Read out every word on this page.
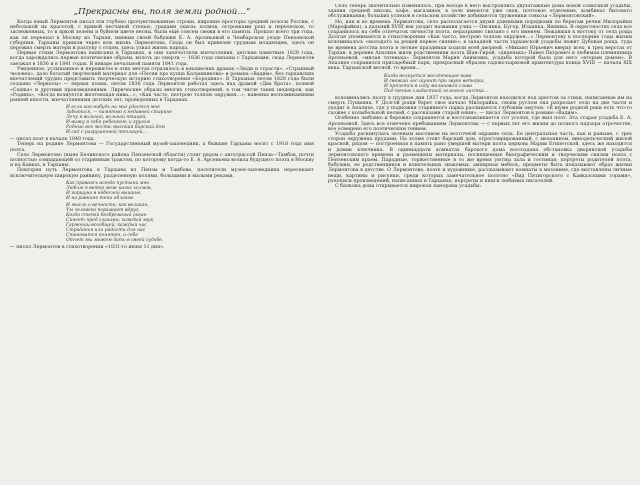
„Прекрасны вы, поля земли родной…“

Когда юный Лермонтов писал эти глубоко прочувствованные строки, широкие просторы средней полосы России, с небольшой их красотой, с кривой песчаной степью, градами сквозь холмов, островками рощ и перелесков, то заснеженных, то в яркой зелени и буйном цвете весны, были ещё совсем свежи в его памяти. Прошло всего три года, как он переехал в Москву из Тархан, имения своей бабушки Е. А. Арсеньевой в Чембарском уезде Пензенской губернии. Тарханы пришли через всю жизнь Лермонтова. Сюда он был привезен грудным младенцем, здесь он пережил смерть матери и разлуку с отцом, здесь узнал жизнь народа.

Первые стихи Лермонтова написаны в Тарханах, и они запечатлели впечатления, детские памятные 1828 года, когда зарождались первые поэтические образы, вплоть до смерти — 1836 года связаны с Тарханами, сюда Лермонтов заезжал в 1836 и в 1841 годах. В январе печальной памяти 1841 года.

Увиденное, услышанное и пережитое в этих местах отразилось в юношеских драмах «Люди и страсти», «Странный человек», дало богатый творческий материал для «Песни про купца Калашникова» и романа «Вадим», без тарханских впечатлений трудно представить творческую историю стихотворения «Бородино». В Тарханах летом 1828 года были созданы «Черкесы» — первая поэма, летом 1836 года Лермонтов работал здесь над драмой «Два брата», поэмой «Сашка» и другими произведениями. Лирические образы многих стихотворений, в том числе таких шедевров, как «Родина», «Когда волнуется желтеющая нива…», «Как часто, пестрою толпою окружен…», навеяны воспоминаниями ранней юности, впечатлениями детских лет, проведенных в Тарханах.

И если как-нибудь на миг удастся мне
Забыться, — памятью к недавней старине
Лечу я вольной, вольной птицей;
И вижу я себя ребенком; и кругом
Родные все места: высокий барский дом
И сад с разрушенной теплицей…
— писал поэт в начале 1840 года.

Теперь на родине Лермонтова — Государственный музей-заповедник, а бывшие Тарханы носят с 1918 года имя поэта.

Село Лермонтово (ныне Белинского района Пензенской области) стоит рядом с автотрассой Пенза—Тамбов, почти полностью совпадающей со старинным трактом, по которому когда-то Е. А. Арсеньева возила будущего поэта в Москву и на Кавказ, в Тарханы.

Повторяя путь Лермонтова в Тарханы из Пензы и Тамбова, посетители музея-заповедника пересекают исключительную широкую равнину, разделенную полями, большими и малыми реками.

Как праваясь всегда пустыни мне.
Люблю я ветер меж нагих холмов,
И коршуна в небесной вышине,
И на равнине тени облаков.
И мысль о вечности, как великан,
Ум человека поражает вдруг,
Когда степей безбрежный океан
Синеет пред глазами; каждый звук
Гармонии всеобщей, каждый час
Страданья или радости для нас
Становится понятен, и себе
Отчет мы можем дать в своей судьбе,
— писал Лермонтов в стихотворении «1831-го июня 11 дня».

Село теперь значительно изменилось, при въезде в него выстроились двухэтажные дома новой совхозной усадьбы, здания средней школы, кафе, магазинов, в селе имеются уже свои, почтовое отделение, комбинат бытового обслуживания; больших успехов в сельском хозяйстве добиваются труженики совхоза «Лермонтовский».

Но, как и во времена Лермонтова, село располагается двумя длинными порядками по берегам речки Милорайки (Марофайки), а дальний XVIII век уходит названия улиц — Овсянка, Бугор, Ильинка, Яшинка. В окрестностях села все сохранилось на себе отпечаток личности поэта, неразрывно связано с его именем. Лежавшая к востоку от села роща Долгая упоминается в стихотворении «Как часто, пестрою толпою окружен…» Лермонтову в последние годы жизни вспоминалось «молодого за рощей первое сияние»; в западной части тарханской усадьбы лежит Дубовая роща, туда во времена детства поэта в летние праздники ходили всей дворней, «Михаил Юрьевич вверху всех; в трех верстах от Тархан, в деревне Апалихе жили родственники поэта Шан-Гирей, «дяденька» Павел Петрович и любимая племянница Арсеньевой, «милая тетенька» Лермонтов Мария Акимовна, усадьба которой была для него «вторым домом». В Апалихе сохранился присадебный парк, прекрасный образец садово-парковой архитектуры конца XVIII — начала XIX века. Тарханской весной, то время…

Когда волнуется желтеющая нива
И свежий лес шумит при звуке ветерка,
И прячется в саду малиновая слива
Под тенью сладостной зеленого листка…

вспоминались поэту в грудные дни 1837 года, когда Лермонтов находился под арестом за стихи, написанные им на смерть Пушкина. У Долгой рощи берет свое начало Милорайка, своим руслом она разрезает село на две части и уходит к Апалихе, где у подножия старинного парка разливается глубоким омутом. «В шуме родной реки есть что-то схожее с колыбельной песней, с рассказами старой няни», — писал Лермонтов в романе «Вадим».

Особенно любовно и бережно сохраняется и восстанавливается тот уголок, где жил поэт. Эта старая усадьба Е. А. Арсеньевой. Здесь все отмечено пребыванием Лермонтова — с первых лет его жизни до полного надзора отрочестве, все освещено его поэтическим гением.

Усадьба раскинулась зеленым массивом на восточной окраине села. Ее центральная часть, как и раньше, с трех сторон окружена прудами. На холме стоит барский дом, отреставрированный, с мезонином, винодельческий жилой красной, рядом — построенная в память рано умершей матери поэта церковь Марии Египетской, здесь же находится и домик ключника. В одиннадцати комнатах барского дома воссоздана обстановка дворянской усадьбы лермонтовского времени и размещены материалы, посвященные биографическим и творческим связям поэта с Пензенским краем. Парадные, торжественные в то же время уютны зала и гостиная; портреты родителей поэта, бабушки, ее родственников и влиятельных знакомых, ампирная мебель, предметы быта показывают образ жизни Лермонтова в детстве. О Лермонтове, поэте и художнике, рассказывают комнаты в мезонине, где выставлены личные вещи, картины и рисунки, среди которых замечательное полотно «Вид Пятигорского с Кавказскими горами», рукописи произведений, написанных в Тарханах, портреты и книги любимых писателей.

С балкона дома открывается широкая панорама усадьбы:
